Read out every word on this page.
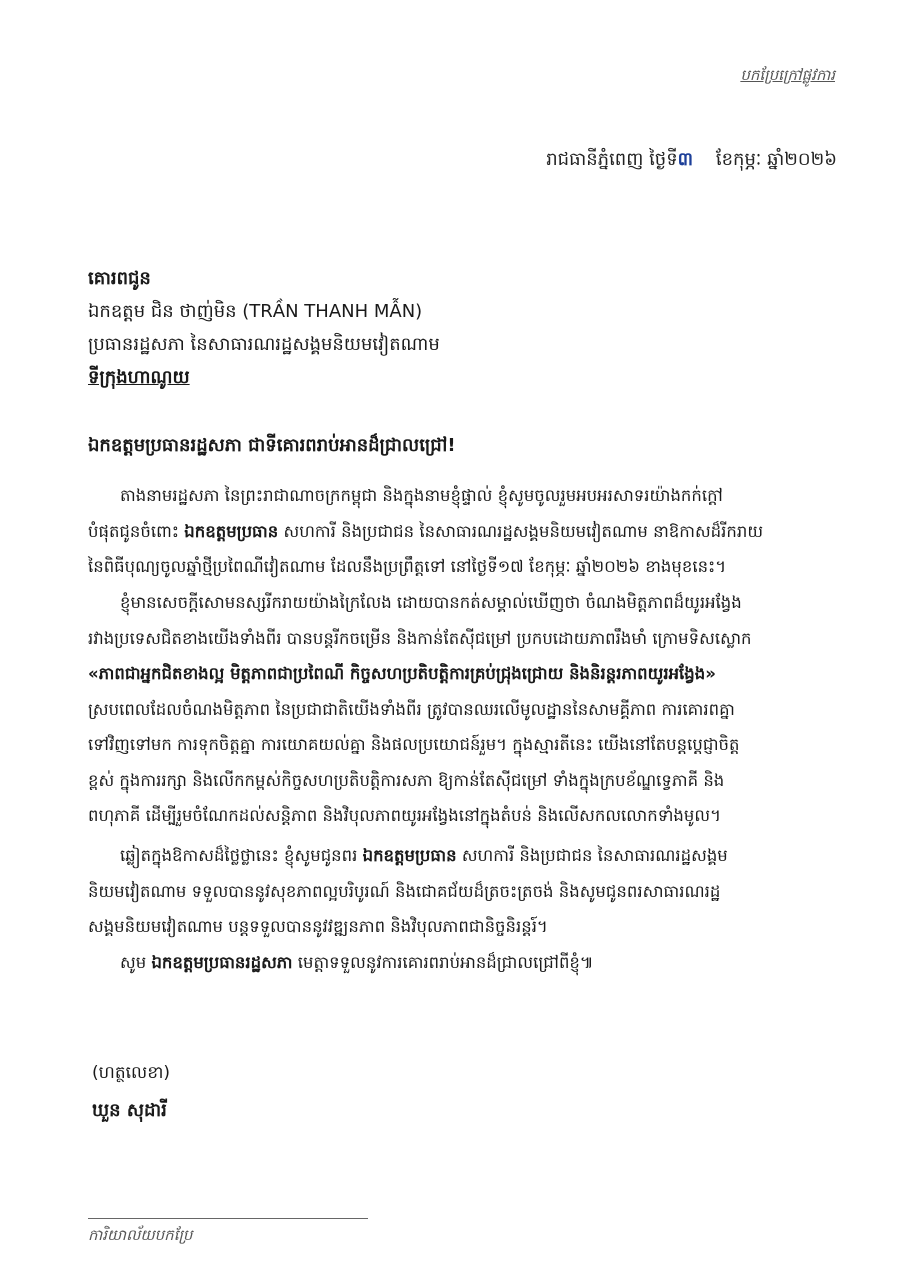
បកប្រែក្រៅផ្លូវការ
រាជធានីភ្នំពេញ ថ្ងៃទី៣ ខែកុម្ភៈ ឆ្នាំ២០២៦
គោរពជូន
ឯកឧត្តម ជិន ថាញ់មិន (TRẦN THANH MẪN)
ប្រធានរដ្ឋសភា នៃសាធារណរដ្ឋសង្គមនិយមវៀតណាម
ទីក្រុងហាណូយ
ឯកឧត្តមប្រធានរដ្ឋសភា ជាទីគោរពរាប់អានដ៏ជ្រាលជ្រៅ!
តាងនាមរដ្ឋសភា នៃព្រះរាជាណាចក្រកម្ពុជា និងក្នុងនាមខ្ញុំផ្ទាល់ ខ្ញុំសូមចូលរួមអបអរសាទរយ៉ាងកក់ក្ដៅ
បំផុតជូនចំពោះ ឯកឧត្តមប្រធាន សហការី និងប្រជាជន នៃសាធារណរដ្ឋសង្គមនិយមវៀតណាម នាឱកាសដ៏រីករាយ
នៃពិធីបុណ្យចូលឆ្នាំថ្មីប្រពៃណីវៀតណាម ដែលនឹងប្រព្រឹត្តទៅ នៅថ្ងៃទី១៧ ខែកុម្ភៈ ឆ្នាំ២០២៦ ខាងមុខនេះ។
ខ្ញុំមានសេចក្ដីសោមនស្សរីករាយយ៉ាងក្រៃលែង ដោយបានកត់សម្គាល់ឃើញថា ចំណងមិត្តភាពដ៏យូរអង្វែង
រវាងប្រទេសជិតខាងយើងទាំងពីរ បានបន្តរីកចម្រើន និងកាន់តែស៊ីជម្រៅ ប្រកបដោយភាពរឹងមាំ ក្រោមទិសស្លោក
«ភាពជាអ្នកជិតខាងល្អ មិត្តភាពជាប្រពៃណី កិច្ចសហប្រតិបត្តិការគ្រប់ជ្រុងជ្រោយ និងនិរន្តរភាពយូរអង្វែង»
ស្របពេលដែលចំណងមិត្តភាព នៃប្រជាជាតិយើងទាំងពីរ ត្រូវបានឈរលើមូលដ្ឋាននៃសាមគ្គីភាព ការគោរពគ្នា
ទៅវិញទៅមក ការទុកចិត្តគ្នា ការយោគយល់គ្នា និងផលប្រយោជន៍រួម។ ក្នុងស្មារតីនេះ យើងនៅតែបន្តប្ដេជ្ញាចិត្ត
ខ្ពស់ ក្នុងការរក្សា និងលើកកម្ពស់កិច្ចសហប្រតិបត្តិការសភា ឱ្យកាន់តែស៊ីជម្រៅ ទាំងក្នុងក្របខ័ណ្ឌទ្វេភាគី និង
ពហុភាគី ដើម្បីរួមចំណែកដល់សន្តិភាព និងវិបុលភាពយូរអង្វែងនៅក្នុងតំបន់ និងលើសកលលោកទាំងមូល។
ឆ្លៀតក្នុងឱកាសដ៏ថ្លៃថ្លានេះ ខ្ញុំសូមជូនពរ ឯកឧត្តមប្រធាន សហការី និងប្រជាជន នៃសាធារណរដ្ឋសង្គម
និយមវៀតណាម ទទួលបាននូវសុខភាពល្អបរិបូរណ៍ និងជោគជ័យដ៏ត្រចះត្រចង់ និងសូមជូនពរសាធារណរដ្ឋ
សង្គមនិយមវៀតណាម បន្តទទួលបាននូវវឌ្ឍនភាព និងវិបុលភាពជានិច្ចនិរន្តរ៍។
សូម ឯកឧត្តមប្រធានរដ្ឋសភា មេត្តាទទួលនូវការគោរពរាប់អានដ៏ជ្រាលជ្រៅពីខ្ញុំ៕
(ហត្ថលេខា)
ឃួន សុដារី
ការិយាល័យបកប្រែ
